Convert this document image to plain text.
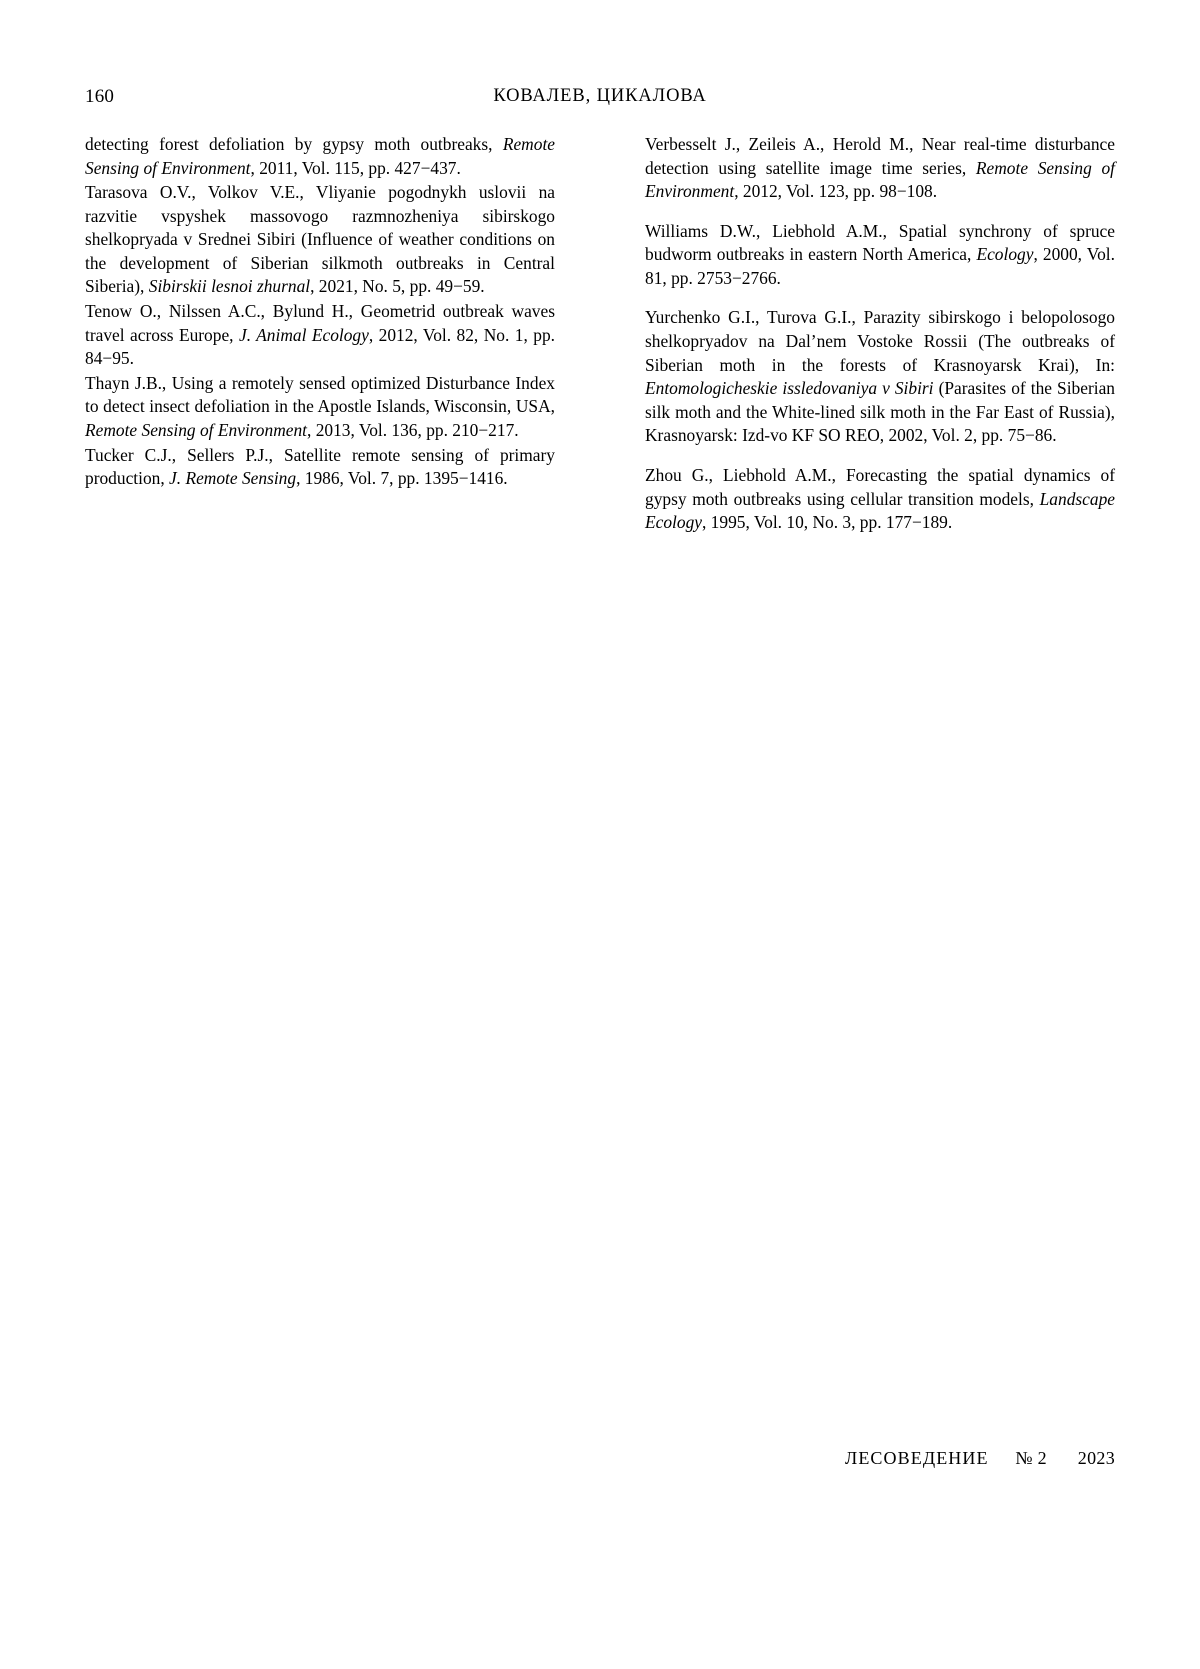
160	КОВАЛЕВ, ЦИКАЛОВА

detecting forest defoliation by gypsy moth outbreaks, Remote Sensing of Environment, 2011, Vol. 115, pp. 427−437.

Tarasova O.V., Volkov V.E., Vliyanie pogodnykh uslovii na razvitie vspyshek massovogo razmnozheniya sibirskogo shelkopryada v Srednei Sibiri (Influence of weather conditions on the development of Siberian silkmoth outbreaks in Central Siberia), Sibirskii lesnoi zhurnal, 2021, No. 5, pp. 49−59.

Tenow O., Nilssen A.C., Bylund H., Geometrid outbreak waves travel across Europe, J. Animal Ecology, 2012, Vol. 82, No. 1, pp. 84−95.

Thayn J.B., Using a remotely sensed optimized Disturbance Index to detect insect defoliation in the Apostle Islands, Wisconsin, USA, Remote Sensing of Environment, 2013, Vol. 136, pp. 210−217.

Tucker C.J., Sellers P.J., Satellite remote sensing of primary production, J. Remote Sensing, 1986, Vol. 7, pp. 1395−1416.

Verbesselt J., Zeileis A., Herold M., Near real-time disturbance detection using satellite image time series, Remote Sensing of Environment, 2012, Vol. 123, pp. 98−108.

Williams D.W., Liebhold A.M., Spatial synchrony of spruce budworm outbreaks in eastern North America, Ecology, 2000, Vol. 81, pp. 2753−2766.

Yurchenko G.I., Turova G.I., Parazity sibirskogo i belopolosogo shelkopryadov na Dal’nem Vostoke Rossii (The outbreaks of Siberian moth in the forests of Krasnoyarsk Krai), In: Entomologicheskie issledovaniya v Sibiri (Parasites of the Siberian silk moth and the White-lined silk moth in the Far East of Russia), Krasnoyarsk: Izd-vo KF SO REO, 2002, Vol. 2, pp. 75−86.

Zhou G., Liebhold A.M., Forecasting the spatial dynamics of gypsy moth outbreaks using cellular transition models, Landscape Ecology, 1995, Vol. 10, No. 3, pp. 177−189.

ЛЕСОВЕДЕНИЕ № 2 2023
